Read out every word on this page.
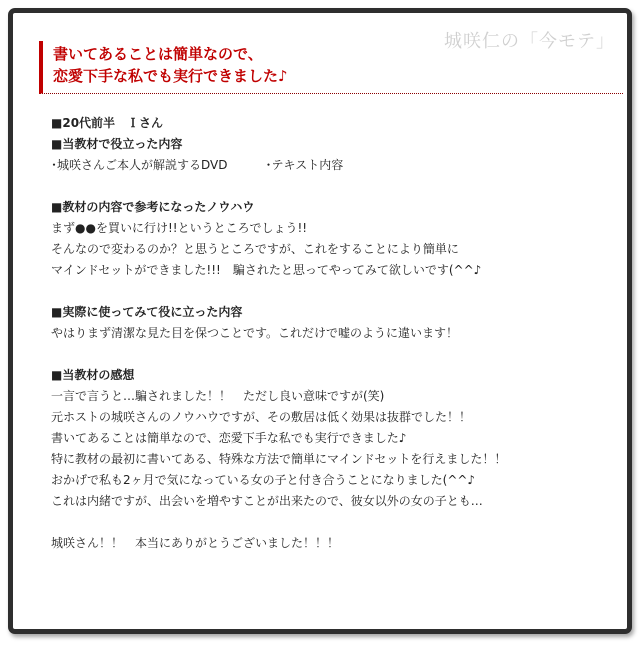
城咲仁の「今モテ」
書いてあることは簡単なので、
恋愛下手な私でも実行できました♪
■20代前半　Ｉさん
■当教材で役立った内容
･城咲さんご本人が解説するDVD	･テキスト内容
■教材の内容で参考になったノウハウ
まず●●を買いに行け!!というところでしょう!!
そんなので変わるのか？と思うところですが、これをすることにより簡単に
マインドセットができました!!!　騙されたと思ってやってみて欲しいです(^^♪
■実際に使ってみて役に立った内容
やはりまず清潔な見た目を保つことです。これだけで嘘のように違います！
■当教材の感想
一言で言うと…騙されました！！　ただし良い意味ですが(笑)
元ホストの城咲さんのノウハウですが、その敷居は低く効果は抜群でした！！
書いてあることは簡単なので、恋愛下手な私でも実行できました♪
特に教材の最初に書いてある、特殊な方法で簡単にマインドセットを行えました！！
おかげで私も2ヶ月で気になっている女の子と付き合うことになりました(^^♪
これは内緒ですが、出会いを増やすことが出来たので、彼女以外の女の子とも…
城咲さん！！　本当にありがとうございました！！！
